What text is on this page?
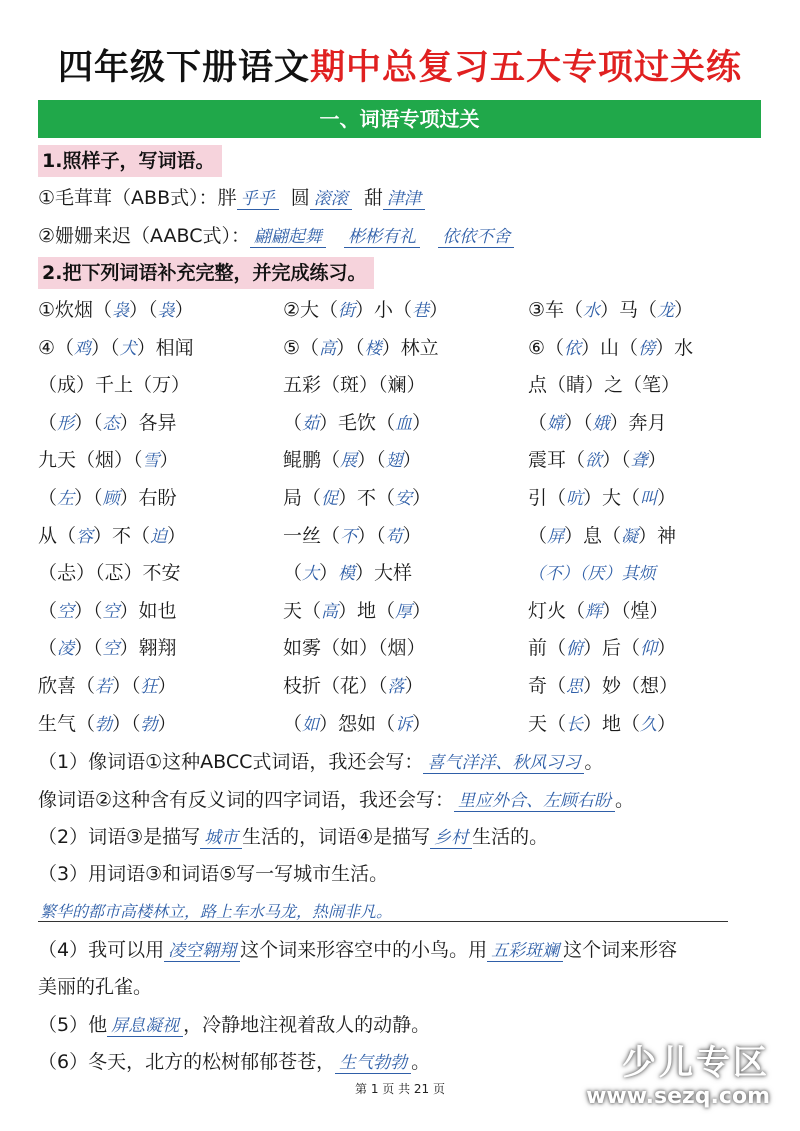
四年级下册语文期中总复习五大专项过关练
一、词语专项过关
1.照样子，写词语。
①毛茸茸（ABB式）：胖 乎乎 圆 滚滚 甜 津津
②姗姗来迟（AABC式）： 翩翩起舞 彬彬有礼 依依不舍
2.把下列词语补充完整，并完成练习。
①炊烟（袅）（袅）	②大（街）小（巷）	③车（水）马（龙）
④（鸡）（犬）相闻	⑤（高）（楼）林立	⑥（依）山（傍）水
（成）千上（万）	五彩（斑）（斓）	点（睛）之（笔）
（形）（态）各异	（茹）毛饮（血）	（嫦）（娥）奔月
九天（烟）（雪）	鲲鹏（展）（翅）	震耳（欲）（聋）
（左）（顾）右盼	局（促）不（安）	引（吭）大（叫）
从（容）不（迫）	一丝（不）（苟）	（屏）息（凝）神
（忐）（忑）不安	（大）模）大样	（不）（厌）其烦
（空）（空）如也	天（高）地（厚）	灯火（辉）（煌）
（凌）（空）翱翔	如雾（如）（烟）	前（俯）后（仰）
欣喜（若）（狂）	枝折（花）（落）	奇（思）妙（想）
生气（勃）（勃）	（如）怨如（诉）	天（长）地（久）
（1）像词语①这种ABCC式词语，我还会写： 喜气洋洋、秋风习习 。
像词语②这种含有反义词的四字词语，我还会写： 里应外合、左顾右盼 。
（2）词语③是描写 城市 生活的，词语④是描写 乡村 生活的。
（3）用词语③和词语⑤写一写城市生活。
繁华的都市高楼林立，路上车水马龙，热闹非凡。
（4）我可以用 凌空翱翔 这个词来形容空中的小鸟。用 五彩斑斓 这个词来形容
美丽的孔雀。
（5）他 屏息凝视 ，冷静地注视着敌人的动静。
（6）冬天，北方的松树郁郁苍苍， 生气勃勃 。
第 1 页 共 21 页
少儿专区
www.sezq.com
